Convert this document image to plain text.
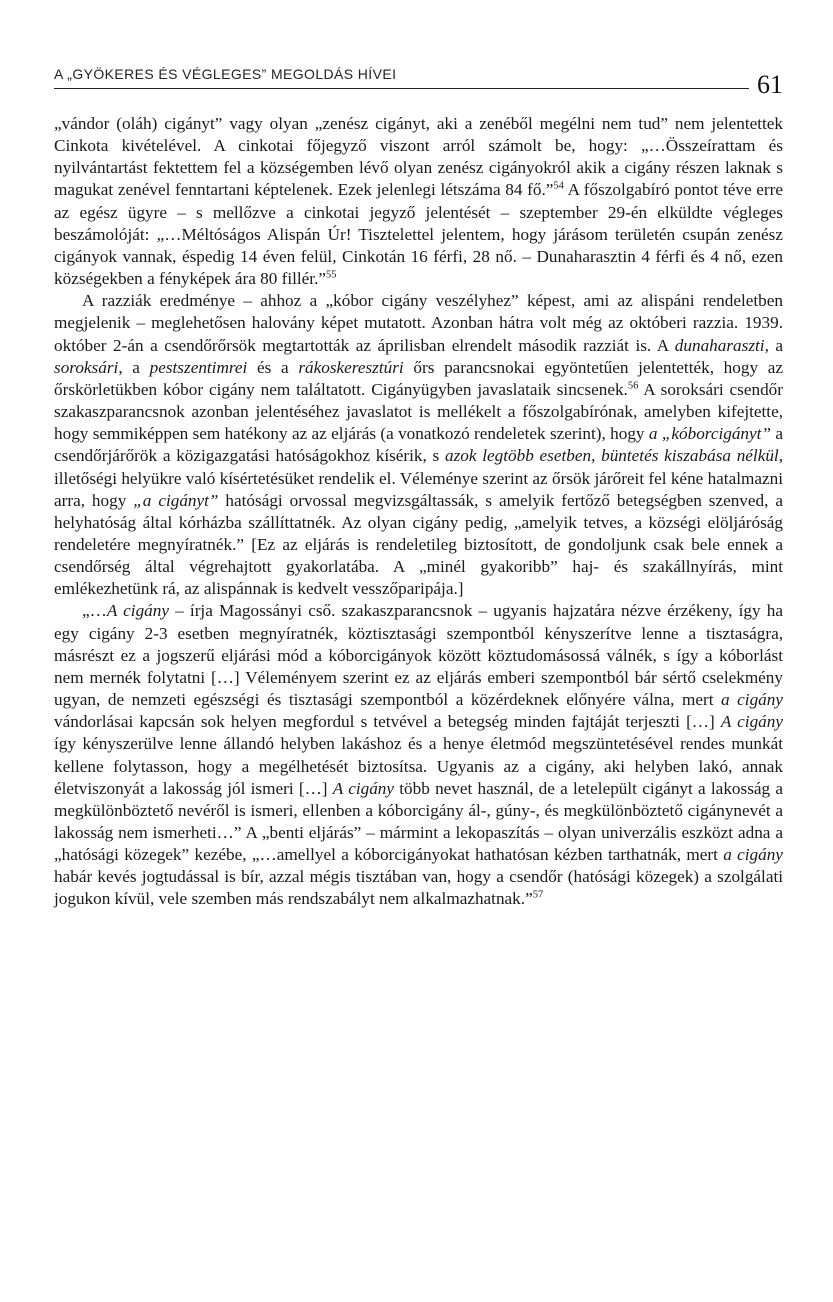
A „GYÖKERES ÉS VÉGLEGES” MEGOLDÁS HÍVEI	61

„vándor (oláh) cigányt” vagy olyan „zenész cigányt, aki a zenéből megélni nem tud” nem jelentettek Cinkota kivételével. A cinkotai főjegyző viszont arról számolt be, hogy: „…Összeírattam és nyilvántartást fektettem fel a községemben lévő olyan zenész cigányokról akik a cigány részen laknak s magukat zenével fenntartani képtelenek. Ezek jelenlegi létszáma 84 fő.”$^{54}$ A főszolgabíró pontot téve erre az egész ügyre – s mellőzve a cinkotai jegyző jelentését – szeptember 29-én elküldte végleges beszámolóját: „…Méltóságos Alispán Úr! Tisztelettel jelentem, hogy járásom területén csupán zenész cigányok vannak, éspedig 14 éven felül, Cinkotán 16 férfi, 28 nő. – Dunaharasztin 4 férfi és 4 nő, ezen községekben a fényképek ára 80 fillér.”$^{55}$

A razziák eredménye – ahhoz a „kóbor cigány veszélyhez” képest, ami az alispáni rendeletben megjelenik – meglehetősen halovány képet mutatott. Azonban hátra volt még az októberi razzia. 1939. október 2-án a csendőrőrsök megtartották az áprilisban elrendelt második razziát is. A dunaharaszti, a soroksári, a pestszentimrei és a rákoskeresztúri őrs parancsnokai egyöntetűen jelentették, hogy az őrskörletükben kóbor cigány nem találtatott. Cigányügyben javaslataik sincsenek.$^{56}$ A soroksári csendőr szakaszparancsnok azonban jelentéséhez javaslatot is mellékelt a főszolgabírónak, amelyben kifejtette, hogy semmiképpen sem hatékony az az eljárás (a vonatkozó rendeletek szerint), hogy a „kóborcigányt” a csendőrjárőrök a közigazgatási hatóságokhoz kísérik, s azok legtöbb esetben, büntetés kiszabása nélkül, illetőségi helyükre való kísértetésüket rendelik el. Véleménye szerint az őrsök járőreit fel kéne hatalmazni arra, hogy „a cigányt” hatósági orvossal megvizsgáltassák, s amelyik fertőző betegségben szenved, a helyhatóság által kórházba szállíttatnék. Az olyan cigány pedig, „amelyik tetves, a községi elöljáróság rendeletére megnyíratnék.” [Ez az eljárás is rendeletileg biztosított, de gondoljunk csak bele ennek a csendőrség által végrehajtott gyakorlatába. A „minél gyakoribb” haj- és szakállnyírás, mint emlékezhetünk rá, az alispánnak is kedvelt vesszőparipája.]

„…A cigány – írja Magossányi cső. szakaszparancsnok – ugyanis hajzatára nézve érzékeny, így ha egy cigány 2-3 esetben megnyíratnék, köztisztasági szempontból kényszerítve lenne a tisztaságra, másrészt ez a jogszerű eljárási mód a kóborcigányok között köztudomásossá válnék, s így a kóborlást nem mernék folytatni […] Véleményem szerint ez az eljárás emberi szempontból bár sértő cselekmény ugyan, de nemzeti egészségi és tisztasági szempontból a közérdeknek előnyére válna, mert a cigány vándorlásai kapcsán sok helyen megfordul s tetvével a betegség minden fajtáját terjeszti […] A cigány így kényszerülve lenne állandó helyben lakáshoz és a henye életmód megszüntetésével rendes munkát kellene folytasson, hogy a megélhetését biztosítsa. Ugyanis az a cigány, aki helyben lakó, annak életviszonyát a lakosság jól ismeri […] A cigány több nevet használ, de a letelepült cigányt a lakosság a megkülönböztető nevéről is ismeri, ellenben a kóborcigány ál-, gúny-, és megkülönböztető cigánynevét a lakosság nem ismerheti…” A „benti eljárás” – mármint a lekopaszítás – olyan univerzális eszközt adna a „hatósági közegek” kezébe, „…amellyel a kóborcigányokat hathatósan kézben tarthatnák, mert a cigány habár kevés jogtudással is bír, azzal mégis tisztában van, hogy a csendőr (hatósági közegek) a szolgálati jogukon kívül, vele szemben más rendszabályt nem alkalmazhatnak.”$^{57}$
